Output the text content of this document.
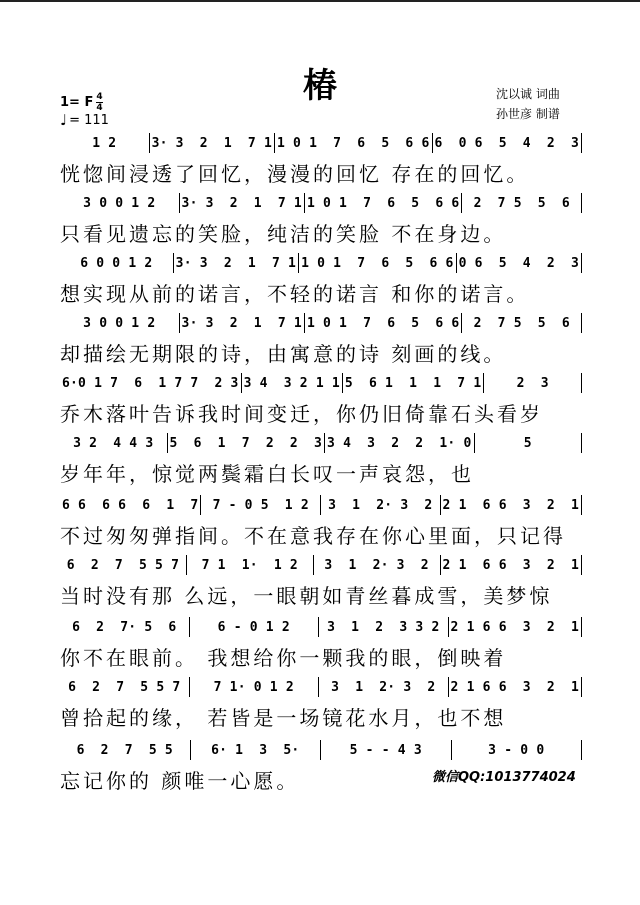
椿	沈以诚 词曲
孙世彦 制谱
1= F $\frac{4}{4}$
♩ = 111
1 2	3· 3  2  1  7 1 1 0 1  7  6  5  6 6 6  0 6  5  4  2  3
恍惚间浸透了回忆，漫漫的回忆 存在的回忆。
3 0 0 1 2	3· 3  2  1  7 1 1 0 1  7  6  5  6 6	2  7 5  5  6
只看见遗忘的笑脸，纯洁的笑脸 不在身边。
6 0 0 1 2	3· 3  2  1  7 1 1 0 1  7  6  5  6 6 0 6  5  4  2  3
想实现从前的诺言，不轻的诺言 和你的诺言。
3 0 0 1 2	3· 3  2  1  7 1 1 0 1  7  6  5  6 6	2  7 5  5  6
却描绘无期限的诗，由寓意的诗 刻画的线。
6·0 1 7  6  1 7 7  2 3 3 4  3 2 1 1 5  6 1  1  1  7 1	2  3
乔木落叶告诉我时间变迁，你仍旧倚靠石头看岁
3 2  4 4 3	5  6  1  7  2  2  3 3 4  3  2  2  1· 0	5
岁年年，惊觉两鬓霜白长叹一声哀怨，也
6 6  6 6  6  1  7	7 - 0 5  1 2	3  1  2· 3  2 2 1  6 6  3  2  1
不过匆匆弹指间。不在意我存在你心里面，只记得
6  2  7  5 5 7	7 1  1·  1 2	3  1  2· 3  2	2 1  6 6  3  2  1
当时没有那 么远，一眼朝如青丝暮成雪，美梦惊
6  2  7· 5  6	6 - 0 1 2	3  1  2  3 3 2 2 1 6 6  3  2  1
你不在眼前。 我想给你一颗我的眼，倒映着
6  2  7  5 5 7	7 1· 0 1 2	3  1  2· 3  2	2 1 6 6  3  2  1
曾拾起的缘， 若皆是一场镜花水月，也不想
6  2  7  5 5	6· 1  3  5·	5 - - 4 3	3 - 0 0
忘记你的 颜唯一心愿。	微信QQ:1013774024
